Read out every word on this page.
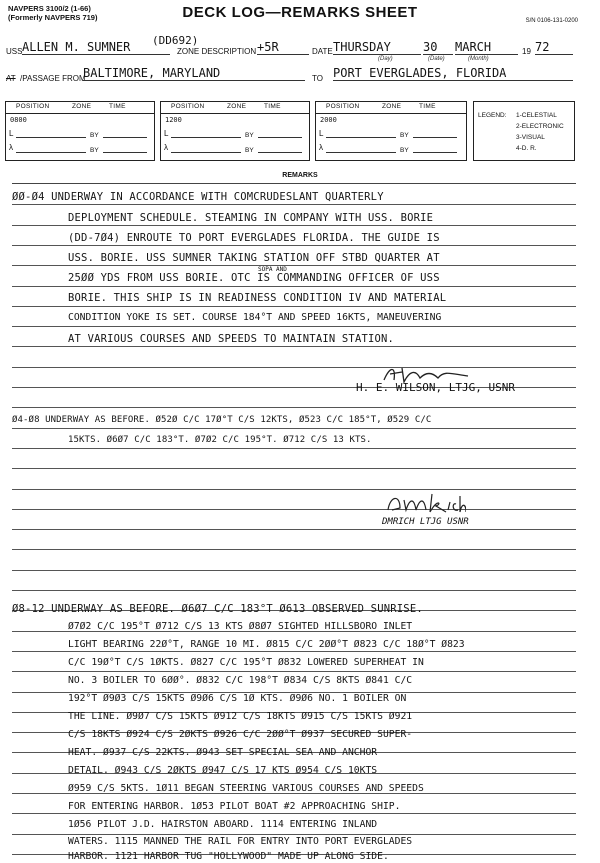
NAVPERS 3100/2 (1-66)
(Formerly NAVPERS 719)	DECK LOG—REMARKS SHEET	S/N 0106-131-0200
USS ALLEN M. SUMNER	(DD692)
ZONE DESCRIPTION +5R	DATE THURSDAY	30	MARCH	19 72
(Day)	(Date)	(Month)
AT /PASSAGE FROM
BALTIMORE, MARYLAND	TO PORT EVERGLADES, FLORIDA
POSITION	ZONE	TIME
0800
L	BY
λ	BY
POSITION	ZONE	TIME
1200
L	BY
λ	BY
POSITION	ZONE	TIME
2000
L	BY
λ	BY
LEGEND: 1-CELESTIAL
2-ELECTRONIC
3-VISUAL
4-D. R.
REMARKS
ØØ-Ø4 UNDERWAY IN ACCORDANCE WITH COMCRUDESLANT QUARTERLY
DEPLOYMENT SCHEDULE. STEAMING IN COMPANY WITH USS. BORIE
(DD-7Ø4) ENROUTE TO PORT EVERGLADES FLORIDA. THE GUIDE IS
USS. BORIE. USS SUMNER TAKING STATION OFF STBD QUARTER AT
25ØØ YDS FROM USS BORIE. OTC IS COMMANDING OFFICER OF USS
BORIE. THIS SHIP IS IN READINESS CONDITION IV AND MATERIAL
CONDITION YOKE IS SET. COURSE 184°T AND SPEED 16KTS, MANEUVERING
AT VARIOUS COURSES AND SPEEDS TO MAINTAIN STATION.
SOPA AND
H. E. WILSON, LTJG, USNR
Ø4-Ø8 UNDERWAY AS BEFORE. Ø52Ø C/C 17Ø°T C/S 12KTS, Ø523 C/C 185°T, Ø529 C/C
15KTS. Ø6Ø7 C/C 183°T. Ø7Ø2 C/C 195°T. Ø712 C/S 13 KTS.
DMRICH LTJG USNR
Ø8-12 UNDERWAY AS BEFORE. Ø6Ø7 C/C 183°T Ø613 OBSERVED SUNRISE.
Ø7Ø2 C/C 195°T Ø712 C/S 13 KTS Ø8Ø7 SIGHTED HILLSBORO INLET
LIGHT BEARING 22Ø°T, RANGE 10 MI. Ø815 C/C 2ØØ°T Ø823 C/C 18Ø°T Ø823
C/C 19Ø°T C/S 1ØKTS. Ø827 C/C 195°T Ø832 LOWERED SUPERHEAT IN
NO. 3 BOILER TO 6ØØ°. Ø832 C/C 198°T Ø834 C/S 8KTS Ø841 C/C
192°T Ø9Ø3 C/S 15KTS Ø9Ø6 C/S 1Ø KTS. Ø9Ø6 NO. 1 BOILER ON
THE LINE. Ø9Ø7 C/S 15KTS Ø912 C/S 18KTS Ø915 C/S 15KTS Ø921
C/S 18KTS Ø924 C/S 2ØKTS Ø926 C/C 2ØØ°T Ø937 SECURED SUPER-
HEAT. Ø937 C/S 22KTS. Ø943 SET SPECIAL SEA AND ANCHOR
DETAIL. Ø943 C/S 2ØKTS Ø947 C/S 17 KTS Ø954 C/S 10KTS
Ø959 C/S 5KTS. 1Ø11 BEGAN STEERING VARIOUS COURSES AND SPEEDS
FOR ENTERING HARBOR. 1Ø53 PILOT BOAT #2 APPROACHING SHIP.
1Ø56 PILOT J.D. HAIRSTON ABOARD. 1114 ENTERING INLAND
WATERS. 1115 MANNED THE RAIL FOR ENTRY INTO PORT EVERGLADES
HARBOR. 1121 HARBOR TUG "HOLLYWOOD" MADE UP ALONG SIDE.
